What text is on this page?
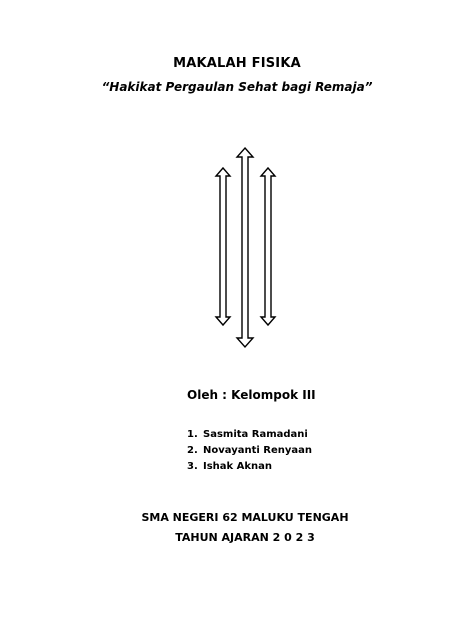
MAKALAH FISIKA
“Hakikat Pergaulan Sehat bagi Remaja”
Oleh : Kelompok III
1. Sasmita Ramadani
2. Novayanti Renyaan
3. Ishak Aknan
SMA NEGERI 62 MALUKU TENGAH
TAHUN AJARAN 2 0 2 3
